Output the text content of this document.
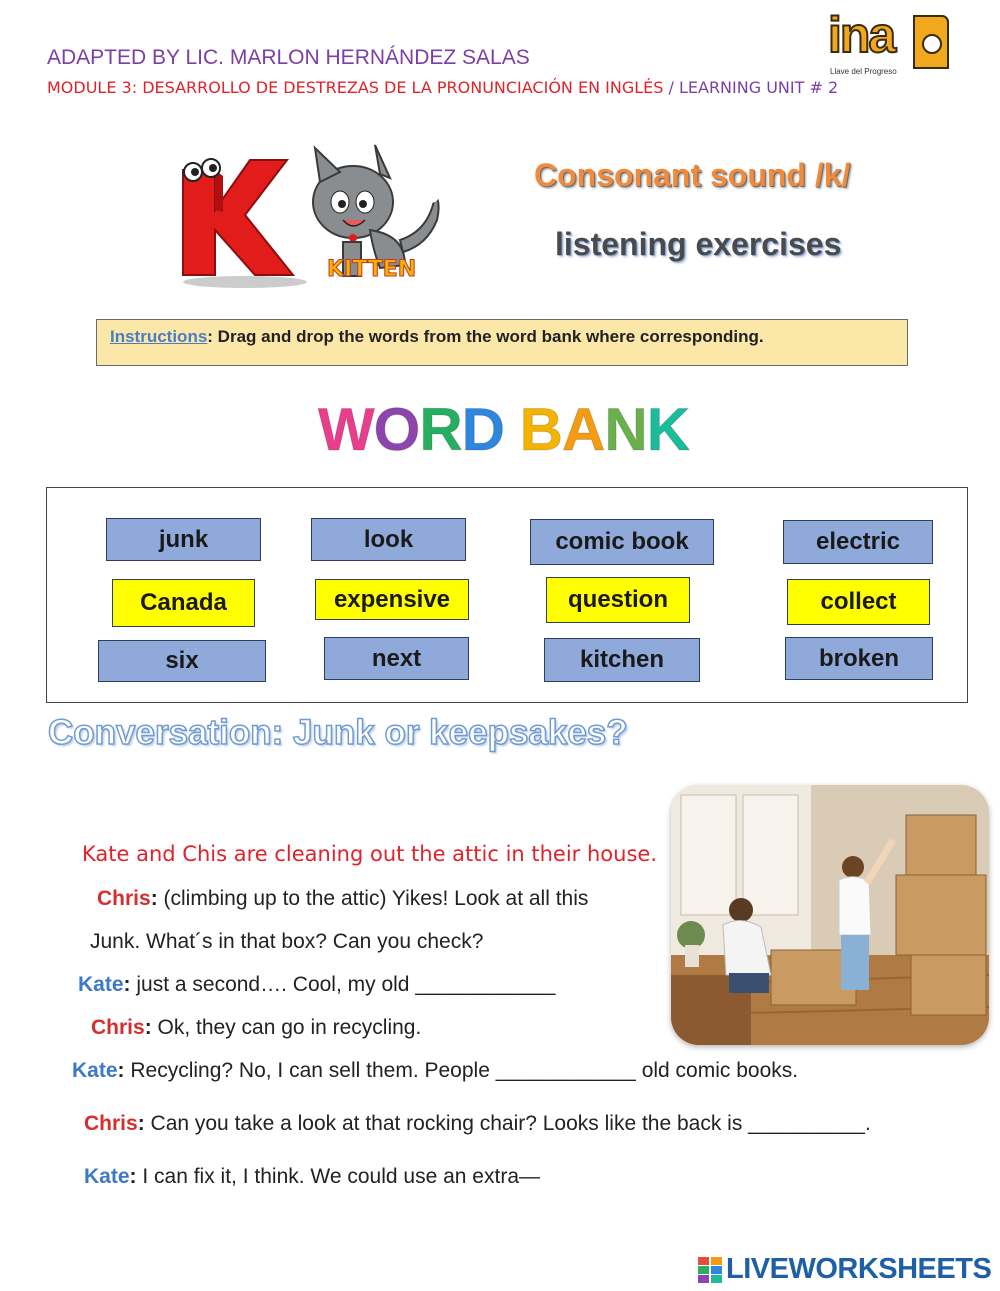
ADAPTED BY LIC. MARLON HERNÁNDEZ SALAS
MODULE 3: DESARROLLO DE DESTREZAS DE LA PRONUNCIACIÓN EN INGLÉS / LEARNING UNIT # 2
ina
Llave del Progreso
KITTEN
Consonant sound /k/
listening exercises
Instructions: Drag and drop the words from the word bank where corresponding.
WORD BANK
junk	look	comic book	electric
Canada	expensive	question	collect
six	next	kitchen	broken
Conversation: Junk or keepsakes?
Kate and Chis are cleaning out the attic in their house.
Chris: (climbing up to the attic) Yikes! Look at all this
Junk. What´s in that box? Can you check?
Kate: just a second…. Cool, my old ____________
Chris: Ok, they can go in recycling.
Kate: Recycling? No, I can sell them. People ____________ old comic books.
Chris: Can you take a look at that rocking chair? Looks like the back is __________.
Kate: I can fix it, I think. We could use an extra—
LIVEWORKSHEETS
